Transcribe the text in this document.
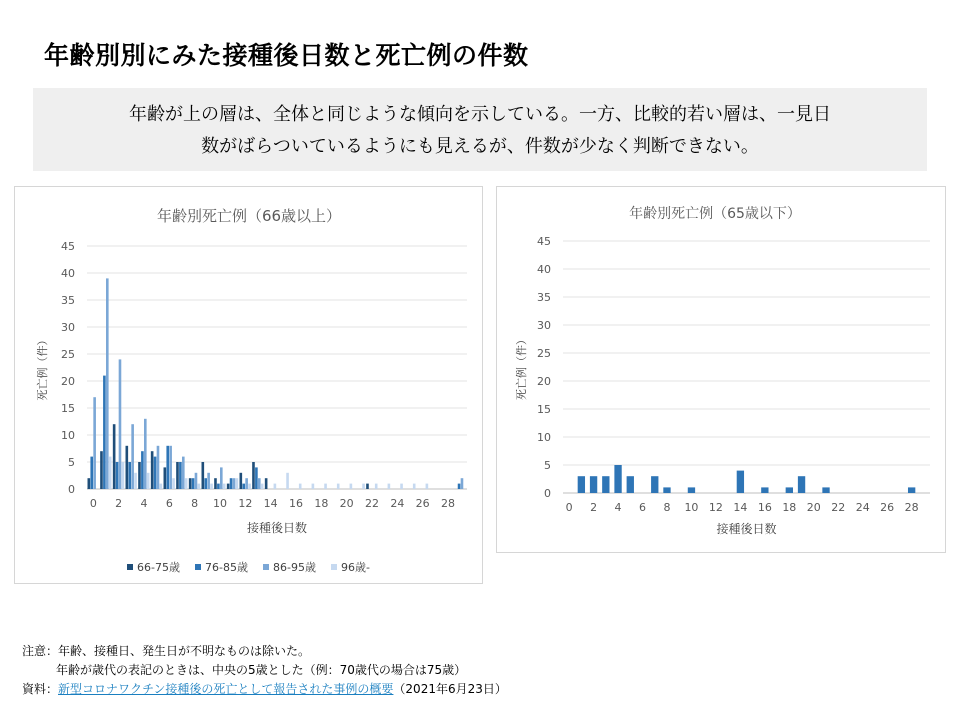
年齢別別にみた接種後日数と死亡例の件数
年齢が上の層は、全体と同じような傾向を示している。一方、比較的若い層は、一見日
数がばらついているようにも見えるが、件数が少なく判断できない。
年齢別死亡例（66歳以上）
0
5
10
15
20
25
30
35
40
45
0 2 4 6 8 10 12 14 16 18 20 22 24 26 28
接種後日数
死亡例（件）
66-75歳 76-85歳 86-95歳 96歳-
年齢別死亡例（65歳以下）
0
5
10
15
20
25
30
35
40
45
0 2 4 6 8 10 12 14 16 18 20 22 24 26 28
接種後日数
死亡例（件）
注意：年齢、接種日、発生日が不明なものは除いた。
年齢が歳代の表記のときは、中央の5歳とした（例：70歳代の場合は75歳）
資料：新型コロナワクチン接種後の死亡として報告された事例の概要（2021年6月23日）
